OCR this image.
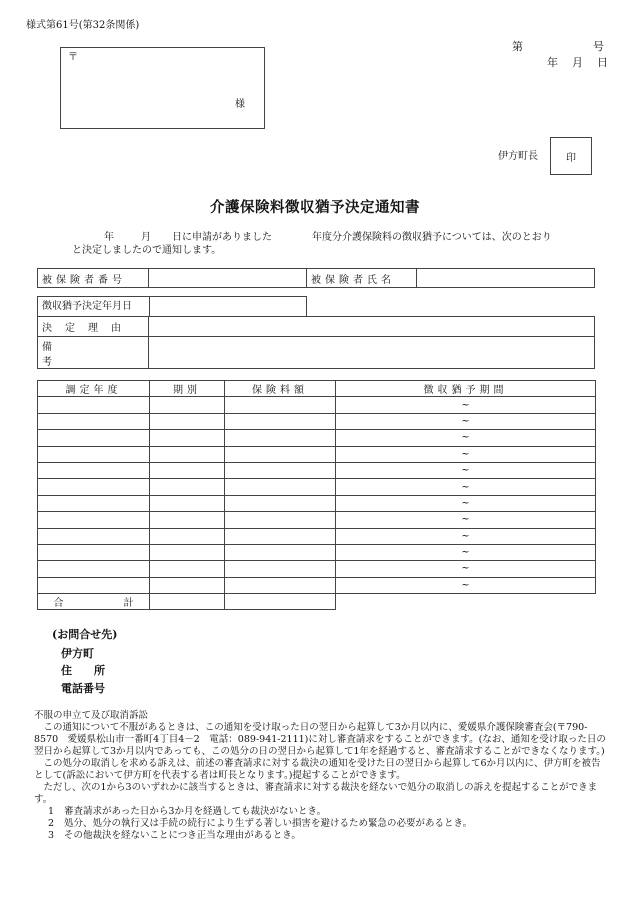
様式第61号(第32条関係)
第	号
年 月 日
〒
様
伊方町長	印
介護保険料徴収猶予決定通知書
年	月 日に申請がありました	年度分介護保険料の徴収猶予については、次のとおり
と決定しましたので通知します。
被保険者番号		被保険者氏名	
徴収猶予決定年月日
決定理由	
備考	
調定年度	期別	保険料額	徴収猶予期間
			~
			~
			~
			~
			~
			~
			~
			~
			~
			~
			~
			~
合 計			
(お問合せ先)
伊方町
住　　所
電話番号

不服の申立て及び取消訴訟

この通知について不服があるときは、この通知を受け取った日の翌日から起算して3か月以内に、愛媛県介護保険審査会(〒790-8570　愛媛県松山市一番町4丁目4－2　電話：089-941-2111)に対し審査請求をすることができます。(なお、通知を受け取った日の翌日から起算して3か月以内であっても、この処分の日の翌日から起算して1年を経過すると、審査請求することができなくなります。)

この処分の取消しを求める訴えは、前述の審査請求に対する裁決の通知を受けた日の翌日から起算して6か月以内に、伊方町を被告として(訴訟において伊方町を代表する者は町長となります。)提起することができます。

ただし、次の1から3のいずれかに該当するときは、審査請求に対する裁決を経ないで処分の取消しの訴えを提起することができます。

1	審査請求があった日から3か月を経過しても裁決がないとき。
2	処分、処分の執行又は手続の続行により生ずる著しい損害を避けるため緊急の必要があるとき。
3	その他裁決を経ないことにつき正当な理由があるとき。
